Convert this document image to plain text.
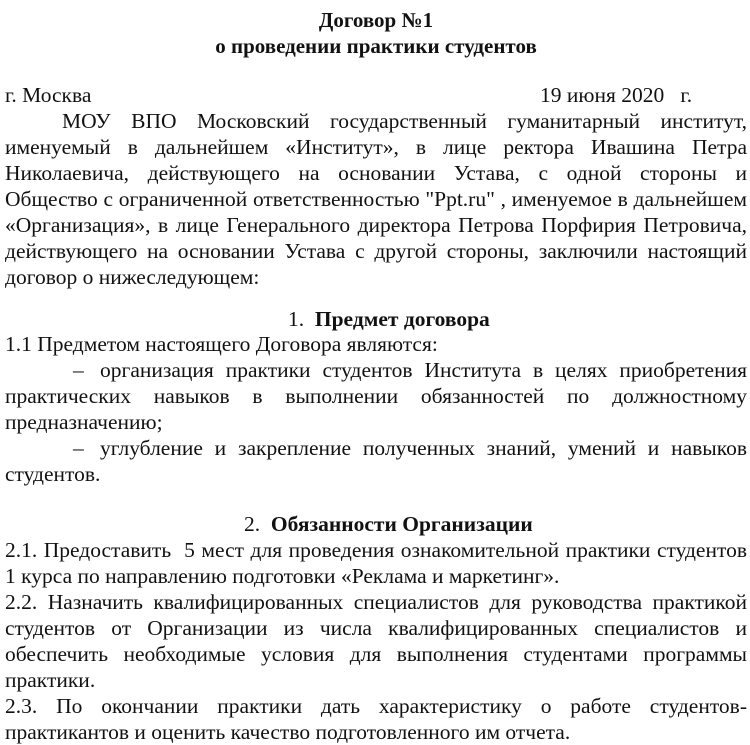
Договор №1
о проведении практики студентов
г. Москва	19 июня 2020   г.
МОУ ВПО Московский государственный гуманитарный институт,
именуемый в дальнейшем «Институт», в лице ректора Ивашина Петра
Николаевича, действующего на основании Устава, с одной стороны и
Общество с ограниченной ответственностью "Ppt.ru" , именуемое в дальнейшем
«Организация», в лице Генерального директора Петрова Порфирия Петровича,
действующего на основании Устава с другой стороны, заключили настоящий
договор о нижеследующем:
1. Предмет договора
1.1 Предметом настоящего Договора являются:
– организация практики студентов Института в целях приобретения
практических навыков в выполнении обязанностей по должностному
предназначению;
– углубление и закрепление полученных знаний, умений и навыков
студентов.
2. Обязанности Организации
2.1. Предоставить  5 мест для проведения ознакомительной практики студентов
1 курса по направлению подготовки «Реклама и маркетинг».
2.2. Назначить квалифицированных специалистов для руководства практикой
студентов от Организации из числа квалифицированных специалистов и
обеспечить необходимые условия для выполнения студентами программы
практики.
2.3. По окончании практики дать характеристику о работе студентов-
практикантов и оценить качество подготовленного им отчета.
